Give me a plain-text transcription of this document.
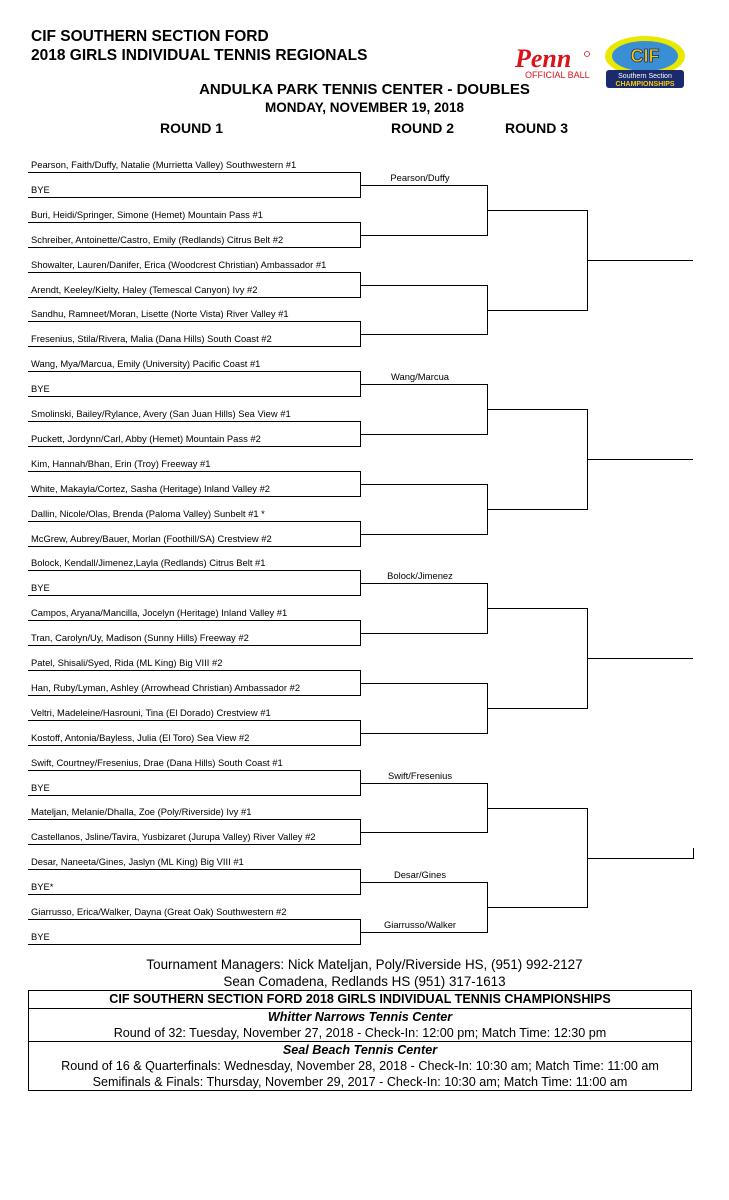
CIF SOUTHERN SECTION FORD
2018 GIRLS INDIVIDUAL TENNIS REGIONALS
ANDULKA PARK TENNIS CENTER - DOUBLES
MONDAY, NOVEMBER 19, 2018
Penn
OFFICIAL BALL
CIF
Southern Section
CHAMPIONSHIPS
ROUND 1	ROUND 2	ROUND 3
Pearson, Faith/Duffy, Natalie (Murrietta Valley) Southwestern #1
BYE
Buri, Heidi/Springer, Simone (Hemet) Mountain Pass #1
Schreiber, Antoinette/Castro, Emily (Redlands) Citrus Belt #2
Showalter, Lauren/Danifer, Erica (Woodcrest Christian) Ambassador #1
Arendt, Keeley/Kielty, Haley (Temescal Canyon) Ivy #2
Sandhu, Ramneet/Moran, Lisette (Norte Vista) River Valley #1
Fresenius, Stila/Rivera, Malia (Dana Hills) South Coast #2
Wang, Mya/Marcua, Emily (University) Pacific Coast #1
BYE
Smolinski, Bailey/Rylance, Avery (San Juan Hills) Sea View #1
Puckett, Jordynn/Carl, Abby (Hemet) Mountain Pass #2
Kim, Hannah/Bhan, Erin (Troy) Freeway #1
White, Makayla/Cortez, Sasha (Heritage) Inland Valley #2
Dallin, Nicole/Olas, Brenda (Paloma Valley) Sunbelt #1 *
McGrew, Aubrey/Bauer, Morlan (Foothill/SA) Crestview #2
Bolock, Kendall/Jimenez,Layla (Redlands) Citrus Belt #1
BYE
Campos, Aryana/Mancilla, Jocelyn (Heritage) Inland Valley #1
Tran, Carolyn/Uy, Madison (Sunny Hills) Freeway #2
Patel, Shisali/Syed, Rida (ML King) Big VIII #2
Han, Ruby/Lyman, Ashley (Arrowhead Christian) Ambassador #2
Veltri, Madeleine/Hasrouni, Tina (El Dorado) Crestview #1
Kostoff, Antonia/Bayless, Julia (El Toro) Sea View #2
Swift, Courtney/Fresenius, Drae (Dana Hills) South Coast #1
BYE
Mateljan, Melanie/Dhalla, Zoe (Poly/Riverside) Ivy #1
Castellanos, Jsline/Tavira, Yusbizaret (Jurupa Valley) River Valley #2
Desar, Naneeta/Gines, Jaslyn (ML King) Big VIII #1
BYE*
Giarrusso, Erica/Walker, Dayna (Great Oak) Southwestern #2
BYE
Pearson/Duffy
Wang/Marcua
Bolock/Jimenez
Swift/Fresenius
Desar/Gines
Giarrusso/Walker
Tournament Managers: Nick Mateljan, Poly/Riverside HS, (951) 992-2127
Sean Comadena, Redlands HS (951) 317-1613
CIF SOUTHERN SECTION FORD 2018 GIRLS INDIVIDUAL TENNIS CHAMPIONSHIPS
Whitter Narrows Tennis Center
Round of 32: Tuesday, November 27, 2018 - Check-In: 12:00 pm; Match Time: 12:30 pm
Seal Beach Tennis Center
Round of 16 & Quarterfinals: Wednesday, November 28, 2018 - Check-In: 10:30 am; Match Time: 11:00 am
Semifinals & Finals: Thursday, November 29, 2017 - Check-In: 10:30 am; Match Time: 11:00 am
